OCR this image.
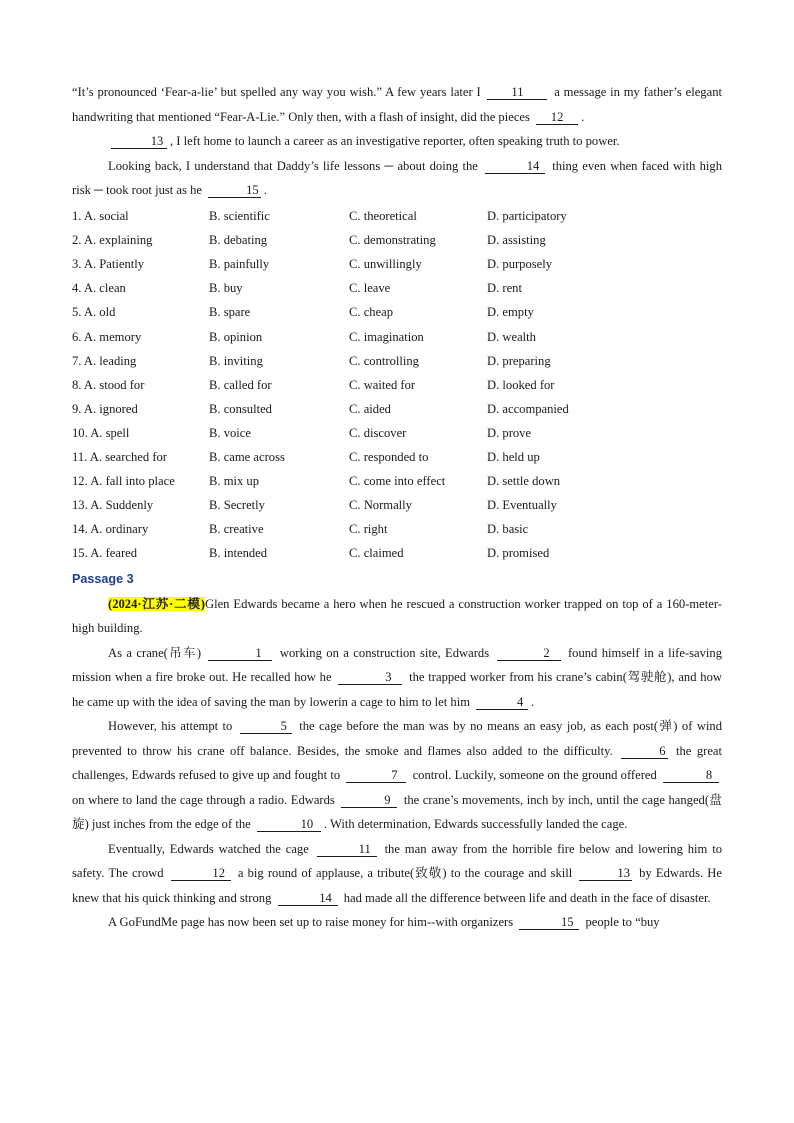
“It’s pronounced ‘Fear-a-lie’ but spelled any way you wish.” A few years later I 11 a message in my father’s elegant handwriting that mentioned “Fear-A-Lie.” Only then, with a flash of insight, did the pieces 12 .

13 , I left home to launch a career as an investigative reporter, often speaking truth to power.

Looking back, I understand that Daddy’s life lessons ─ about doing the	14 thing even when faced with high risk ─ took root just as he	15 .

1. A. social	B. scientific	C. theoretical	D. participatory
2. A. explaining	B. debating	C. demonstrating	D. assisting
3. A. Patiently	B. painfully	C. unwillingly	D. purposely
4. A. clean	B. buy	C. leave	D. rent
5. A. old	B. spare	C. cheap	D. empty
6. A. memory	B. opinion	C. imagination	D. wealth
7. A. leading	B. inviting	C. controlling	D. preparing
8. A. stood for	B. called for	C. waited for	D. looked for
9. A. ignored	B. consulted	C. aided	D. accompanied
10. A. spell	B. voice	C. discover	D. prove
11. A. searched for	B. came across	C. responded to	D. held up
12. A. fall into place	B. mix up	C. come into effect	D. settle down
13. A. Suddenly	B. Secretly	C. Normally	D. Eventually
14. A. ordinary	B. creative	C. right	D. basic
15. A. feared	B. intended	C. claimed	D. promised
Passage 3

(2024·江苏·二模)Glen Edwards became a hero when he rescued a construction worker trapped on top of a 160-meter-high building.

As a crane(吊车)	1 working on a construction site, Edwards	2 found himself in a life-saving mission when a fire broke out. He recalled how he	3 the trapped worker from his crane’s cabin(驾驶舱), and how he came up with the idea of saving the man by lowerin a cage to him to let him	4 .

However, his attempt to	5 the cage before the man was by no means an easy job, as each post(弹) of wind prevented to throw his crane off balance. Besides, the smoke and flames also added to the difficulty.	6 the great challenges, Edwards refused to give up and fought to	7 control. Luckily, someone on the ground offered	8 on where to land the cage through a radio. Edwards	9 the crane’s movements, inch by inch, until the cage hanged(盘旋) just inches from the edge of the	10 . With determination, Edwards successfully landed the cage.

Eventually, Edwards watched the cage	11 the man away from the horrible fire below and lowering him to safety. The crowd	12 a big round of applause, a tribute(致敬) to the courage and skill	13 by Edwards. He knew that his quick thinking and strong	14 had made all the difference between life and death in the face of disaster.

A GoFundMe page has now been set up to raise money for him--with organizers	15 people to “buy
